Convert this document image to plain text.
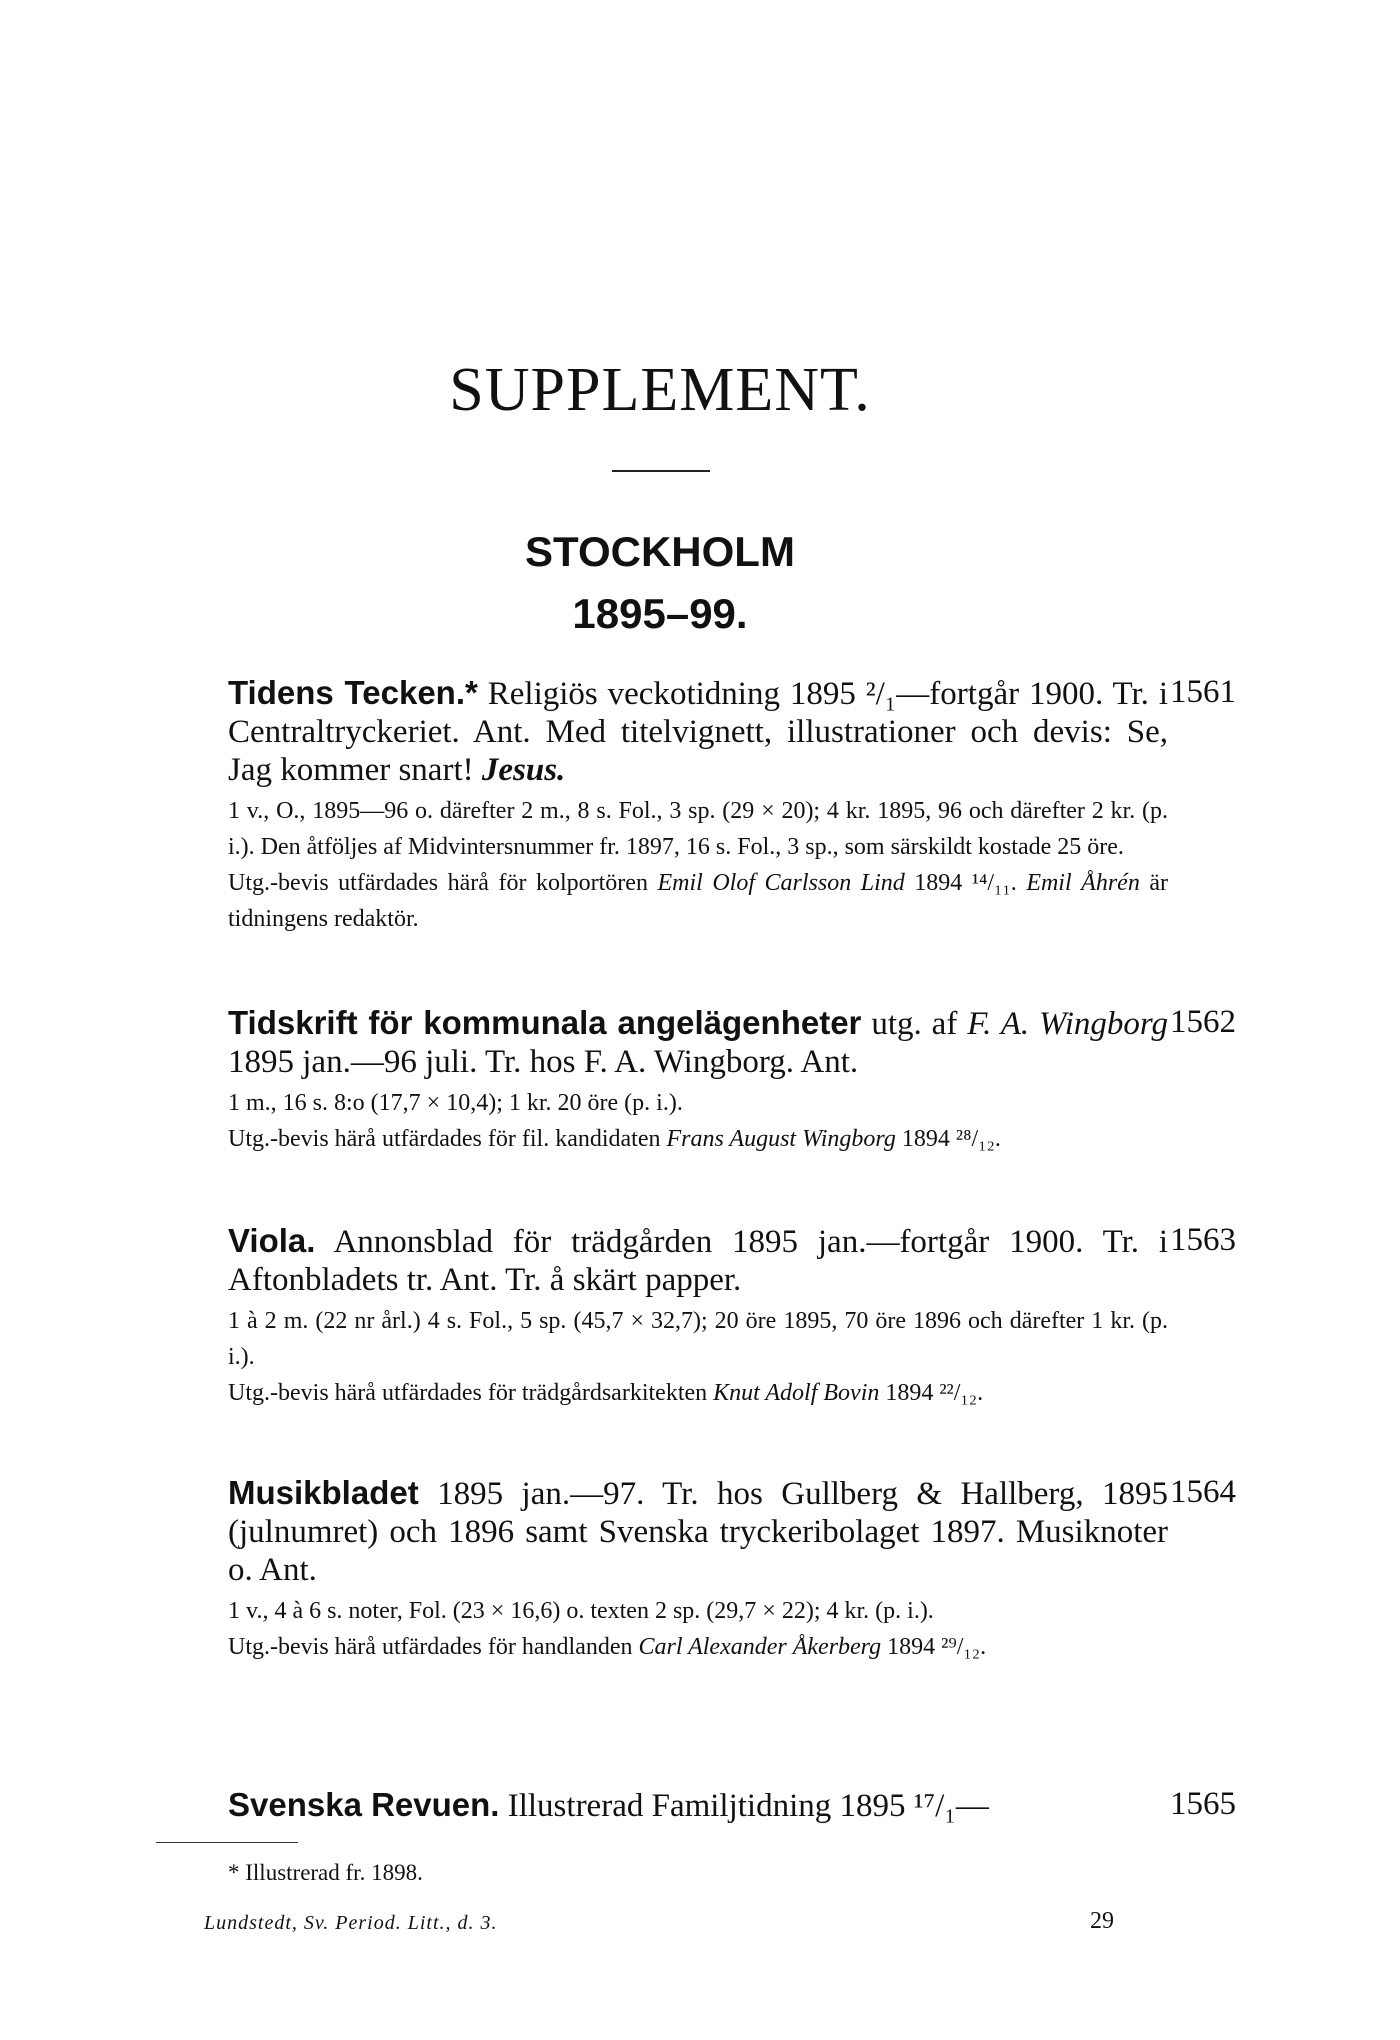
SUPPLEMENT.
STOCKHOLM
1895–99.
Tidens Tecken.* Religiös veckotidning 1895 ²/₁—fortgår 1900. Tr. i Centraltryckeriet. Ant. Med titelvignett, illustrationer och devis: Se, Jag kommer snart! Jesus.
1 v., O., 1895—96 o. därefter 2 m., 8 s. Fol., 3 sp. (29 × 20); 4 kr. 1895, 96 och därefter 2 kr. (p. i.). Den åtföljes af Midvintersnummer fr. 1897, 16 s. Fol., 3 sp., som särskildt kostade 25 öre.
Utg.-bevis utfärdades härå för kolportören Emil Olof Carlsson Lind 1894 ¹⁴/₁₁. Emil Åhrén är tidningens redaktör.
1561
Tidskrift för kommunala angelägenheter utg. af F. A. Wingborg 1895 jan.—96 juli. Tr. hos F. A. Wingborg. Ant.
1 m., 16 s. 8:o (17,7 × 10,4); 1 kr. 20 öre (p. i.).
Utg.-bevis härå utfärdades för fil. kandidaten Frans August Wingborg 1894 ²⁸/₁₂.
1562
Viola. Annonsblad för trädgården 1895 jan.—fortgår 1900. Tr. i Aftonbladets tr. Ant. Tr. å skärt papper.
1 à 2 m. (22 nr årl.) 4 s. Fol., 5 sp. (45,7 × 32,7); 20 öre 1895, 70 öre 1896 och därefter 1 kr. (p. i.).
Utg.-bevis härå utfärdades för trädgårdsarkitekten Knut Adolf Bovin 1894 ²²/₁₂.
1563
Musikbladet 1895 jan.—97. Tr. hos Gullberg & Hallberg, 1895 (julnumret) och 1896 samt Svenska tryckeribolaget 1897. Musiknoter o. Ant.
1 v., 4 à 6 s. noter, Fol. (23 × 16,6) o. texten 2 sp. (29,7 × 22); 4 kr. (p. i.).
Utg.-bevis härå utfärdades för handlanden Carl Alexander Åkerberg 1894 ²⁹/₁₂.
1564
Svenska Revuen. Illustrerad Familjtidning 1895 ¹⁷/₁—	1565
* Illustrerad fr. 1898.
Lundstedt, Sv. Period. Litt., d. 3.	29
